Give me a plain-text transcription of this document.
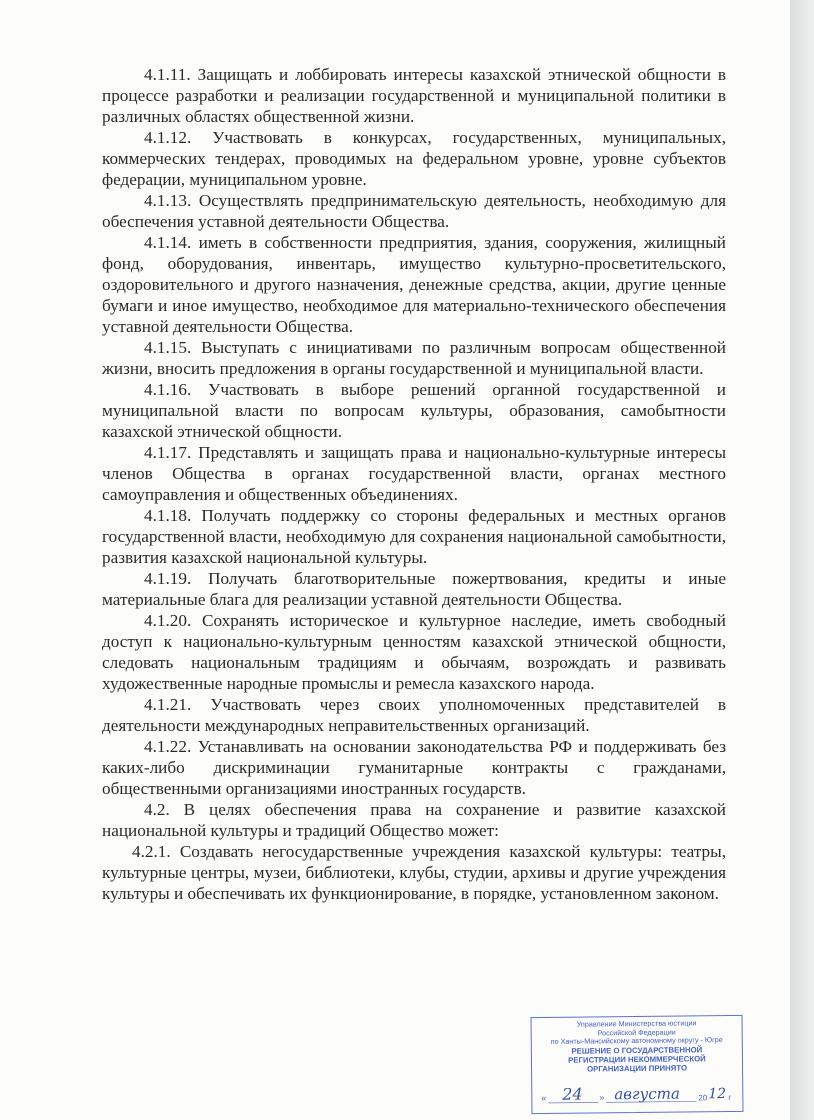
4.1.11. Защищать и лоббировать интересы казахской этнической общности в процессе разработки и реализации государственной и муниципальной политики в различных областях общественной жизни.

4.1.12. Участвовать в конкурсах, государственных, муниципальных, коммерческих тендерах, проводимых на федеральном уровне, уровне субъектов федерации, муниципальном уровне.

4.1.13. Осуществлять предпринимательскую деятельность, необходимую для обеспечения уставной деятельности Общества.

4.1.14. иметь в собственности предприятия, здания, сооружения, жилищный фонд, оборудования, инвентарь, имущество культурно-просветительского, оздоровительного и другого назначения, денежные средства, акции, другие ценные бумаги и иное имущество, необходимое для материально-технического обеспечения уставной деятельности Общества.

4.1.15. Выступать с инициативами по различным вопросам общественной жизни, вносить предложения в органы государственной и муниципальной власти.

4.1.16. Участвовать в выборе решений органной государственной и муниципальной власти по вопросам культуры, образования, самобытности казахской этнической общности.

4.1.17. Представлять и защищать права и национально-культурные интересы членов Общества в органах государственной власти, органах местного самоуправления и общественных объединениях.

4.1.18. Получать поддержку со стороны федеральных и местных органов государственной власти, необходимую для сохранения национальной самобытности, развития казахской национальной культуры.

4.1.19. Получать благотворительные пожертвования, кредиты и иные материальные блага для реализации уставной деятельности Общества.

4.1.20. Сохранять историческое и культурное наследие, иметь свободный доступ к национально-культурным ценностям казахской этнической общности, следовать национальным традициям и обычаям, возрождать и развивать художественные народные промыслы и ремесла казахского народа.

4.1.21. Участвовать через своих уполномоченных представителей в деятельности международных неправительственных организаций.

4.1.22. Устанавливать на основании законодательства РФ и поддерживать без каких-либо дискриминации гуманитарные контракты с гражданами, общественными организациями иностранных государств.

4.2. В целях обеспечения права на сохранение и развитие казахской национальной культуры и традиций Общество может:

4.2.1. Создавать негосударственные учреждения казахской культуры: театры, культурные центры, музеи, библиотеки, клубы, студии, архивы и другие учреждения культуры и обеспечивать их функционирование, в порядке, установленном законом.

Управление Министерства юстиции
Российской Федерации
по Ханты-Мансийскому автономному округу - Югре
РЕШЕНИЕ О ГОСУДАРСТВЕННОЙ
РЕГИСТРАЦИИ НЕКОММЕРЧЕСКОЙ
ОРГАНИЗАЦИИ ПРИНЯТО
« 24 » августа 20 12 г
